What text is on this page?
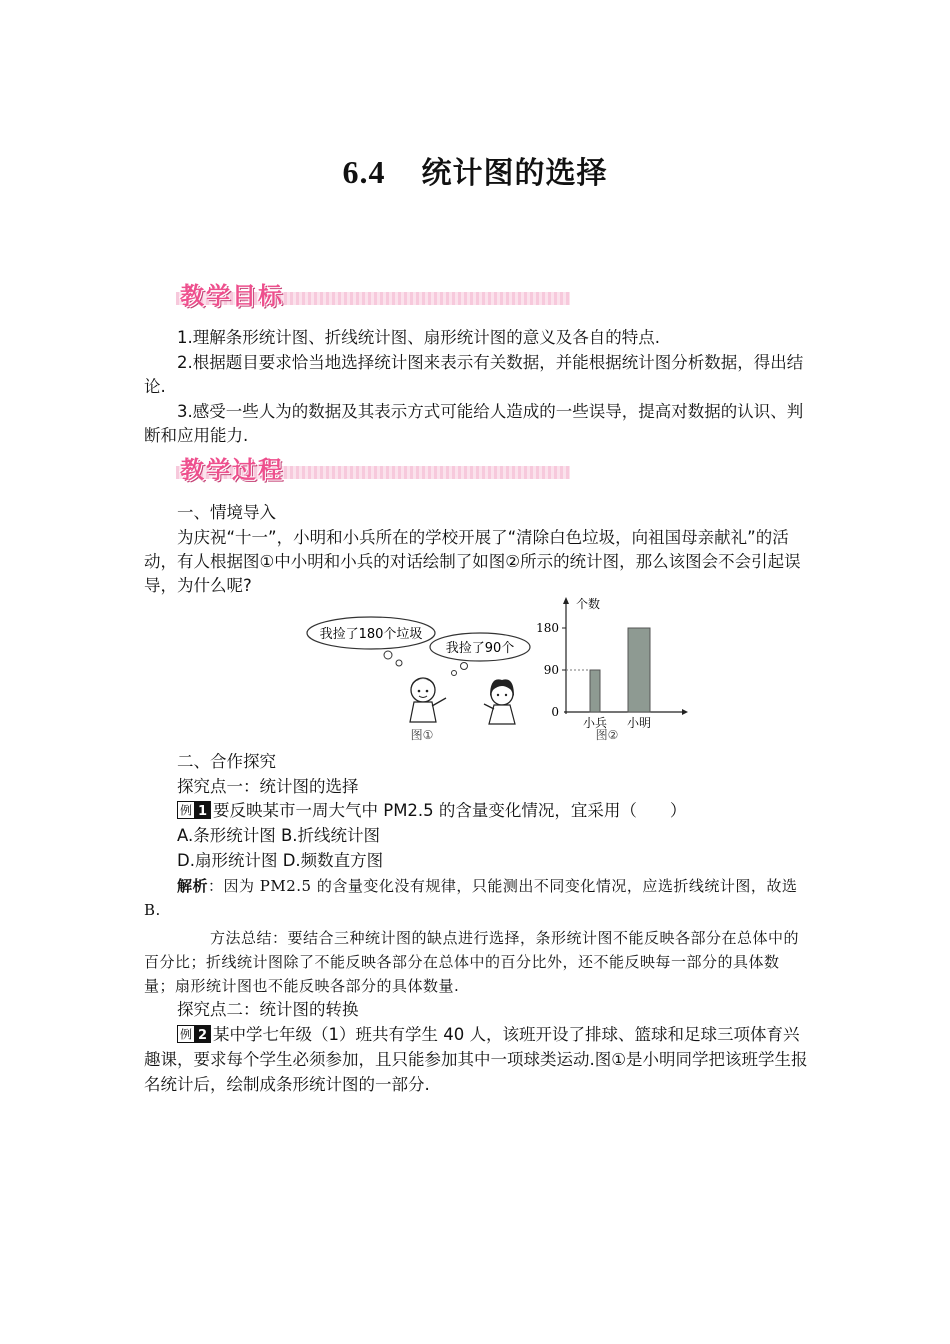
6.4 统计图的选择
教学目标
1.理解条形统计图、折线统计图、扇形统计图的意义及各自的特点.
2.根据题目要求恰当地选择统计图来表示有关数据，并能根据统计图分析数据，得出结论.
3.感受一些人为的数据及其表示方式可能给人造成的一些误导，提高对数据的认识、判断和应用能力.
教学过程
一、情境导入
为庆祝“十一”，小明和小兵所在的学校开展了“清除白色垃圾，向祖国母亲献礼”的活动，有人根据图①中小明和小兵的对话绘制了如图②所示的统计图，那么该图会不会引起误导，为什么呢?
我捡了180个垃圾
我捡了90个
图①
个数
0
90
180
小兵 小明
图②
二、合作探究
探究点一：统计图的选择
例 1 要反映某市一周大气中 PM2.5 的含量变化情况，宜采用（　　）
A.条形统计图 B.折线统计图
D.扇形统计图 D.频数直方图
解析：因为 PM2.5 的含量变化没有规律，只能测出不同变化情况，应选折线统计图，故选 B.
方法总结：要结合三种统计图的缺点进行选择，条形统计图不能反映各部分在总体中的百分比；折线统计图除了不能反映各部分在总体中的百分比外，还不能反映每一部分的具体数量；扇形统计图也不能反映各部分的具体数量.
探究点二：统计图的转换
例 2 某中学七年级（1）班共有学生 40 人，该班开设了排球、篮球和足球三项体育兴趣课，要求每个学生必须参加，且只能参加其中一项球类运动.图①是小明同学把该班学生报名统计后，绘制成条形统计图的一部分.
